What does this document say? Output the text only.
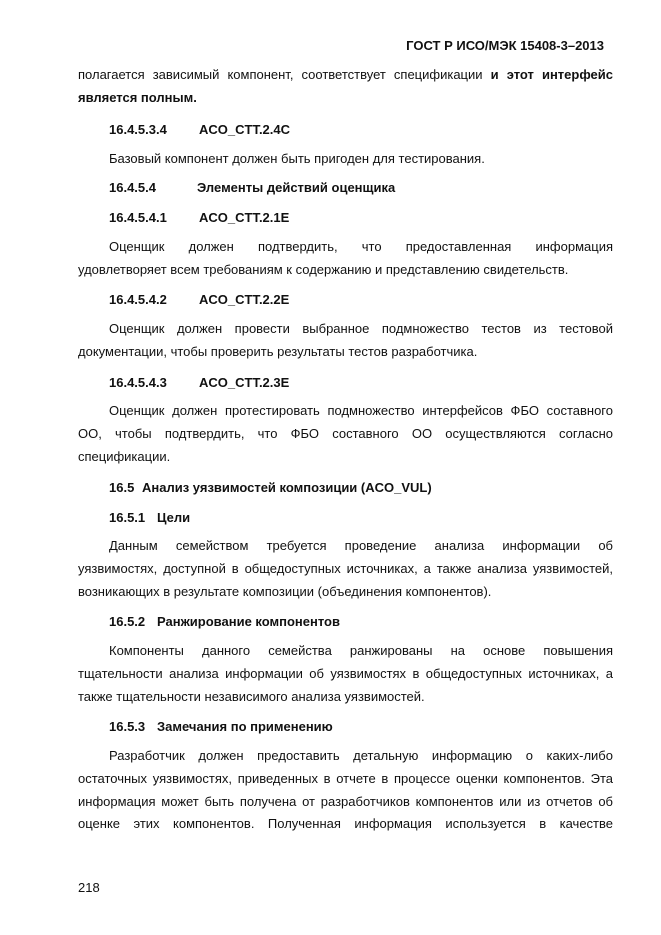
ГОСТ Р ИСО/МЭК 15408-3–2013
полагается зависимый компонент, соответствует спецификации и этот интерфейс
является полным.
16.4.5.3.4 ACO_CTT.2.4C
Базовый компонент должен быть пригоден для тестирования.
16.4.5.4	Элементы действий оценщика
16.4.5.4.1 ACO_CTT.2.1E
Оценщик должен подтвердить, что предоставленная информация
удовлетворяет всем требованиям к содержанию и представлению свидетельств.
16.4.5.4.2 ACO_CTT.2.2E
Оценщик должен провести выбранное подмножество тестов из тестовой
документации, чтобы проверить результаты тестов разработчика.
16.4.5.4.3 ACO_CTT.2.3E
Оценщик должен протестировать подмножество интерфейсов ФБО составного
ОО, чтобы подтвердить, что ФБО составного ОО осуществляются согласно
спецификации.
16.5 Анализ уязвимостей композиции (ACO_VUL)
16.5.1 Цели
Данным семейством требуется проведение анализа информации об
уязвимостях, доступной в общедоступных источниках, а также анализа уязвимостей,
возникающих в результате композиции (объединения компонентов).
16.5.2 Ранжирование компонентов
Компоненты данного семейства ранжированы на основе повышения
тщательности анализа информации об уязвимостях в общедоступных источниках, а
также тщательности независимого анализа уязвимостей.
16.5.3 Замечания по применению
Разработчик должен предоставить детальную информацию о каких-либо
остаточных уязвимостях, приведенных в отчете в процессе оценки компонентов. Эта
информация может быть получена от разработчиков компонентов или из отчетов об
оценке этих компонентов. Полученная информация используется в качестве
218
